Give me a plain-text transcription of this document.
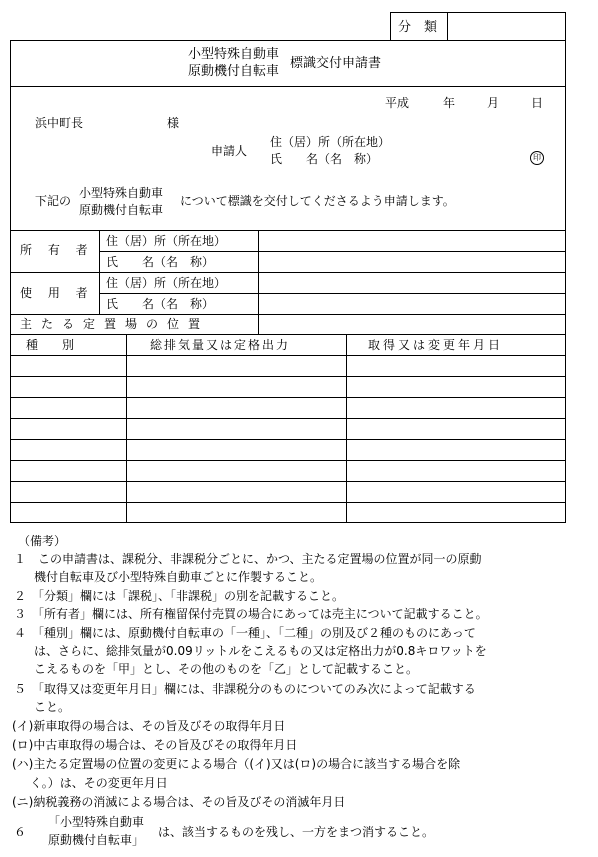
分　類
小型特殊自動車
原動機付自転車
標識交付申請書
平成	年	月	日
浜中町長	様
申請人
住（居）所（所在地）
氏　　名（名　称）	印
下記の
小型特殊自動車
原動機付自転車
について標識を交付してくださるよう申請します。
所 有 者
住（居）所（所在地）
氏　　名（名　称）
使 用 者
住（居）所（所在地）
氏　　名（名　称）
主たる定置場の位置
種　　別	総排気量又は定格出力	取得又は変更年月日
（備考）
１　この申請書は、課税分、非課税分ごとに、かつ、主たる定置場の位置が同一の原動
機付自転車及び小型特殊自動車ごとに作製すること。
２　「分類」欄には「課税」、「非課税」の別を記載すること。
３　「所有者」欄には、所有権留保付売買の場合にあっては売主について記載すること。
４　「種別」欄には、原動機付自転車の「一種」、「二種」の別及び２種のものにあって
は、さらに、総排気量が0.09リットルをこえるもの又は定格出力が0.8キロワットを
こえるものを「甲」とし、その他のものを「乙」として記載すること。
５　「取得又は変更年月日」欄には、非課税分のものについてのみ次によって記載する
こと。
(イ)新車取得の場合は、その旨及びその取得年月日
(ロ)中古車取得の場合は、その旨及びその取得年月日
(ハ)主たる定置場の位置の変更による場合（(イ)又は(ロ)の場合に該当する場合を除
く。）は、その変更年月日
(ニ)納税義務の消滅による場合は、その旨及びその消滅年月日
６
「小型特殊自動車
原動機付自転車」
は、該当するものを残し、一方をまつ消すること。
